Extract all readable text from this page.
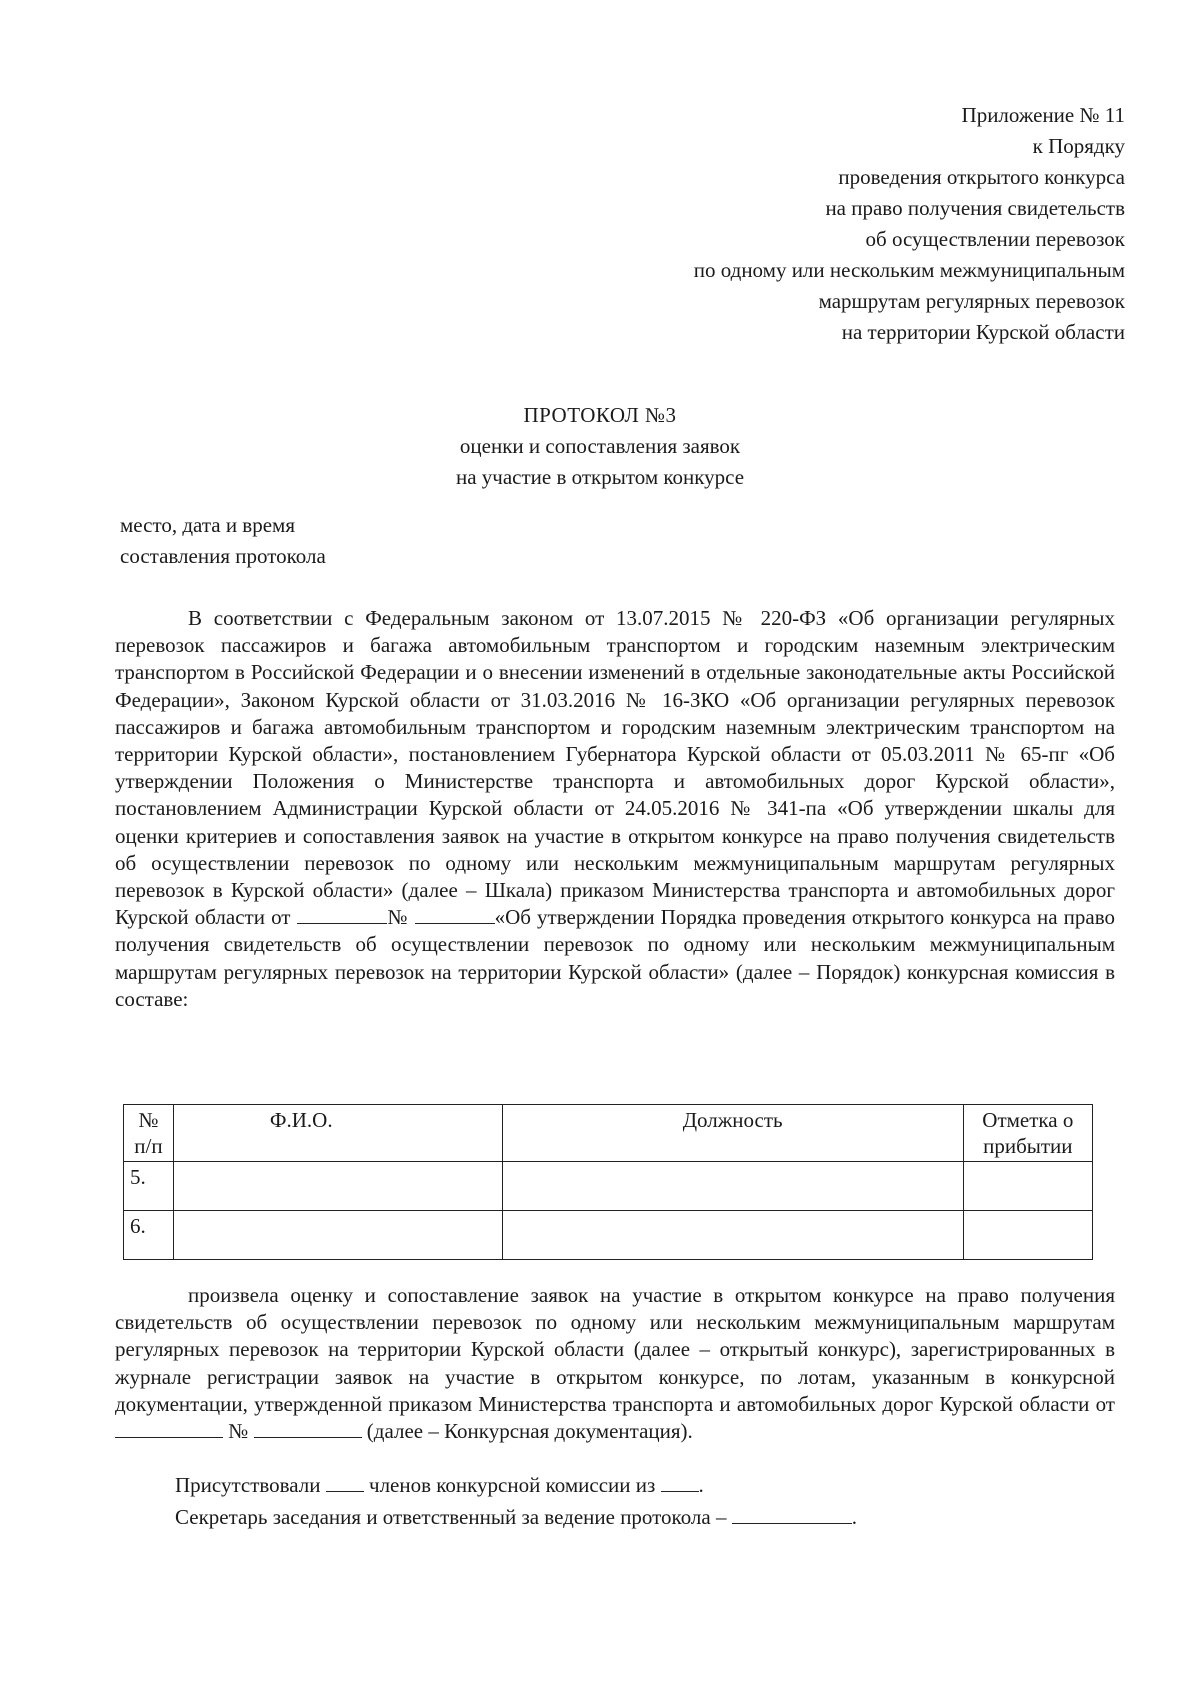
Приложение № 11
к Порядку
проведения открытого конкурса
на право получения свидетельств
об осуществлении перевозок
по одному или нескольким межмуниципальным
маршрутам регулярных перевозок
на территории Курской области
ПРОТОКОЛ №3
оценки и сопоставления заявок
на участие в открытом конкурсе
место, дата и время
составления протокола
В соответствии с Федеральным законом от 13.07.2015 № 220-ФЗ «Об организации регулярных перевозок пассажиров и багажа автомобильным транспортом и городским наземным электрическим транспортом в Российской Федерации и о внесении изменений в отдельные законодательные акты Российской Федерации», Законом Курской области от 31.03.2016 № 16-ЗКО «Об организации регулярных перевозок пассажиров и багажа автомобильным транспортом и городским наземным электрическим транспортом на территории Курской области», постановлением Губернатора Курской области от 05.03.2011 № 65-пг «Об утверждении Положения о Министерстве транспорта и автомобильных дорог Курской области», постановлением Администрации Курской области от 24.05.2016 № 341-па «Об утверждении шкалы для оценки критериев и сопоставления заявок на участие в открытом конкурсе на право получения свидетельств об осуществлении перевозок по одному или нескольким межмуниципальным маршрутам регулярных перевозок в Курской области» (далее – Шкала) приказом Министерства транспорта и автомобильных дорог Курской области от	№	«Об утверждении Порядка проведения открытого конкурса на право получения свидетельств об осуществлении перевозок по одному или нескольким межмуниципальным маршрутам регулярных перевозок на территории Курской области» (далее – Порядок) конкурсная комиссия в составе:
№ п/п	Ф.И.О.	Должность	Отметка о прибытии
5.			
6.			
произвела оценку и сопоставление заявок на участие в открытом конкурсе на право получения свидетельств об осуществлении перевозок по одному или нескольким межмуниципальным маршрутам регулярных перевозок на территории Курской области (далее – открытый конкурс), зарегистрированных в журнале регистрации заявок на участие в открытом конкурсе, по лотам, указанным в конкурсной документации, утвержденной приказом Министерства транспорта и автомобильных дорог Курской области от  №	(далее – Конкурсная документация).
Присутствовали членов конкурсной комиссии из .
Секретарь заседания и ответственный за ведение протокола –	.
